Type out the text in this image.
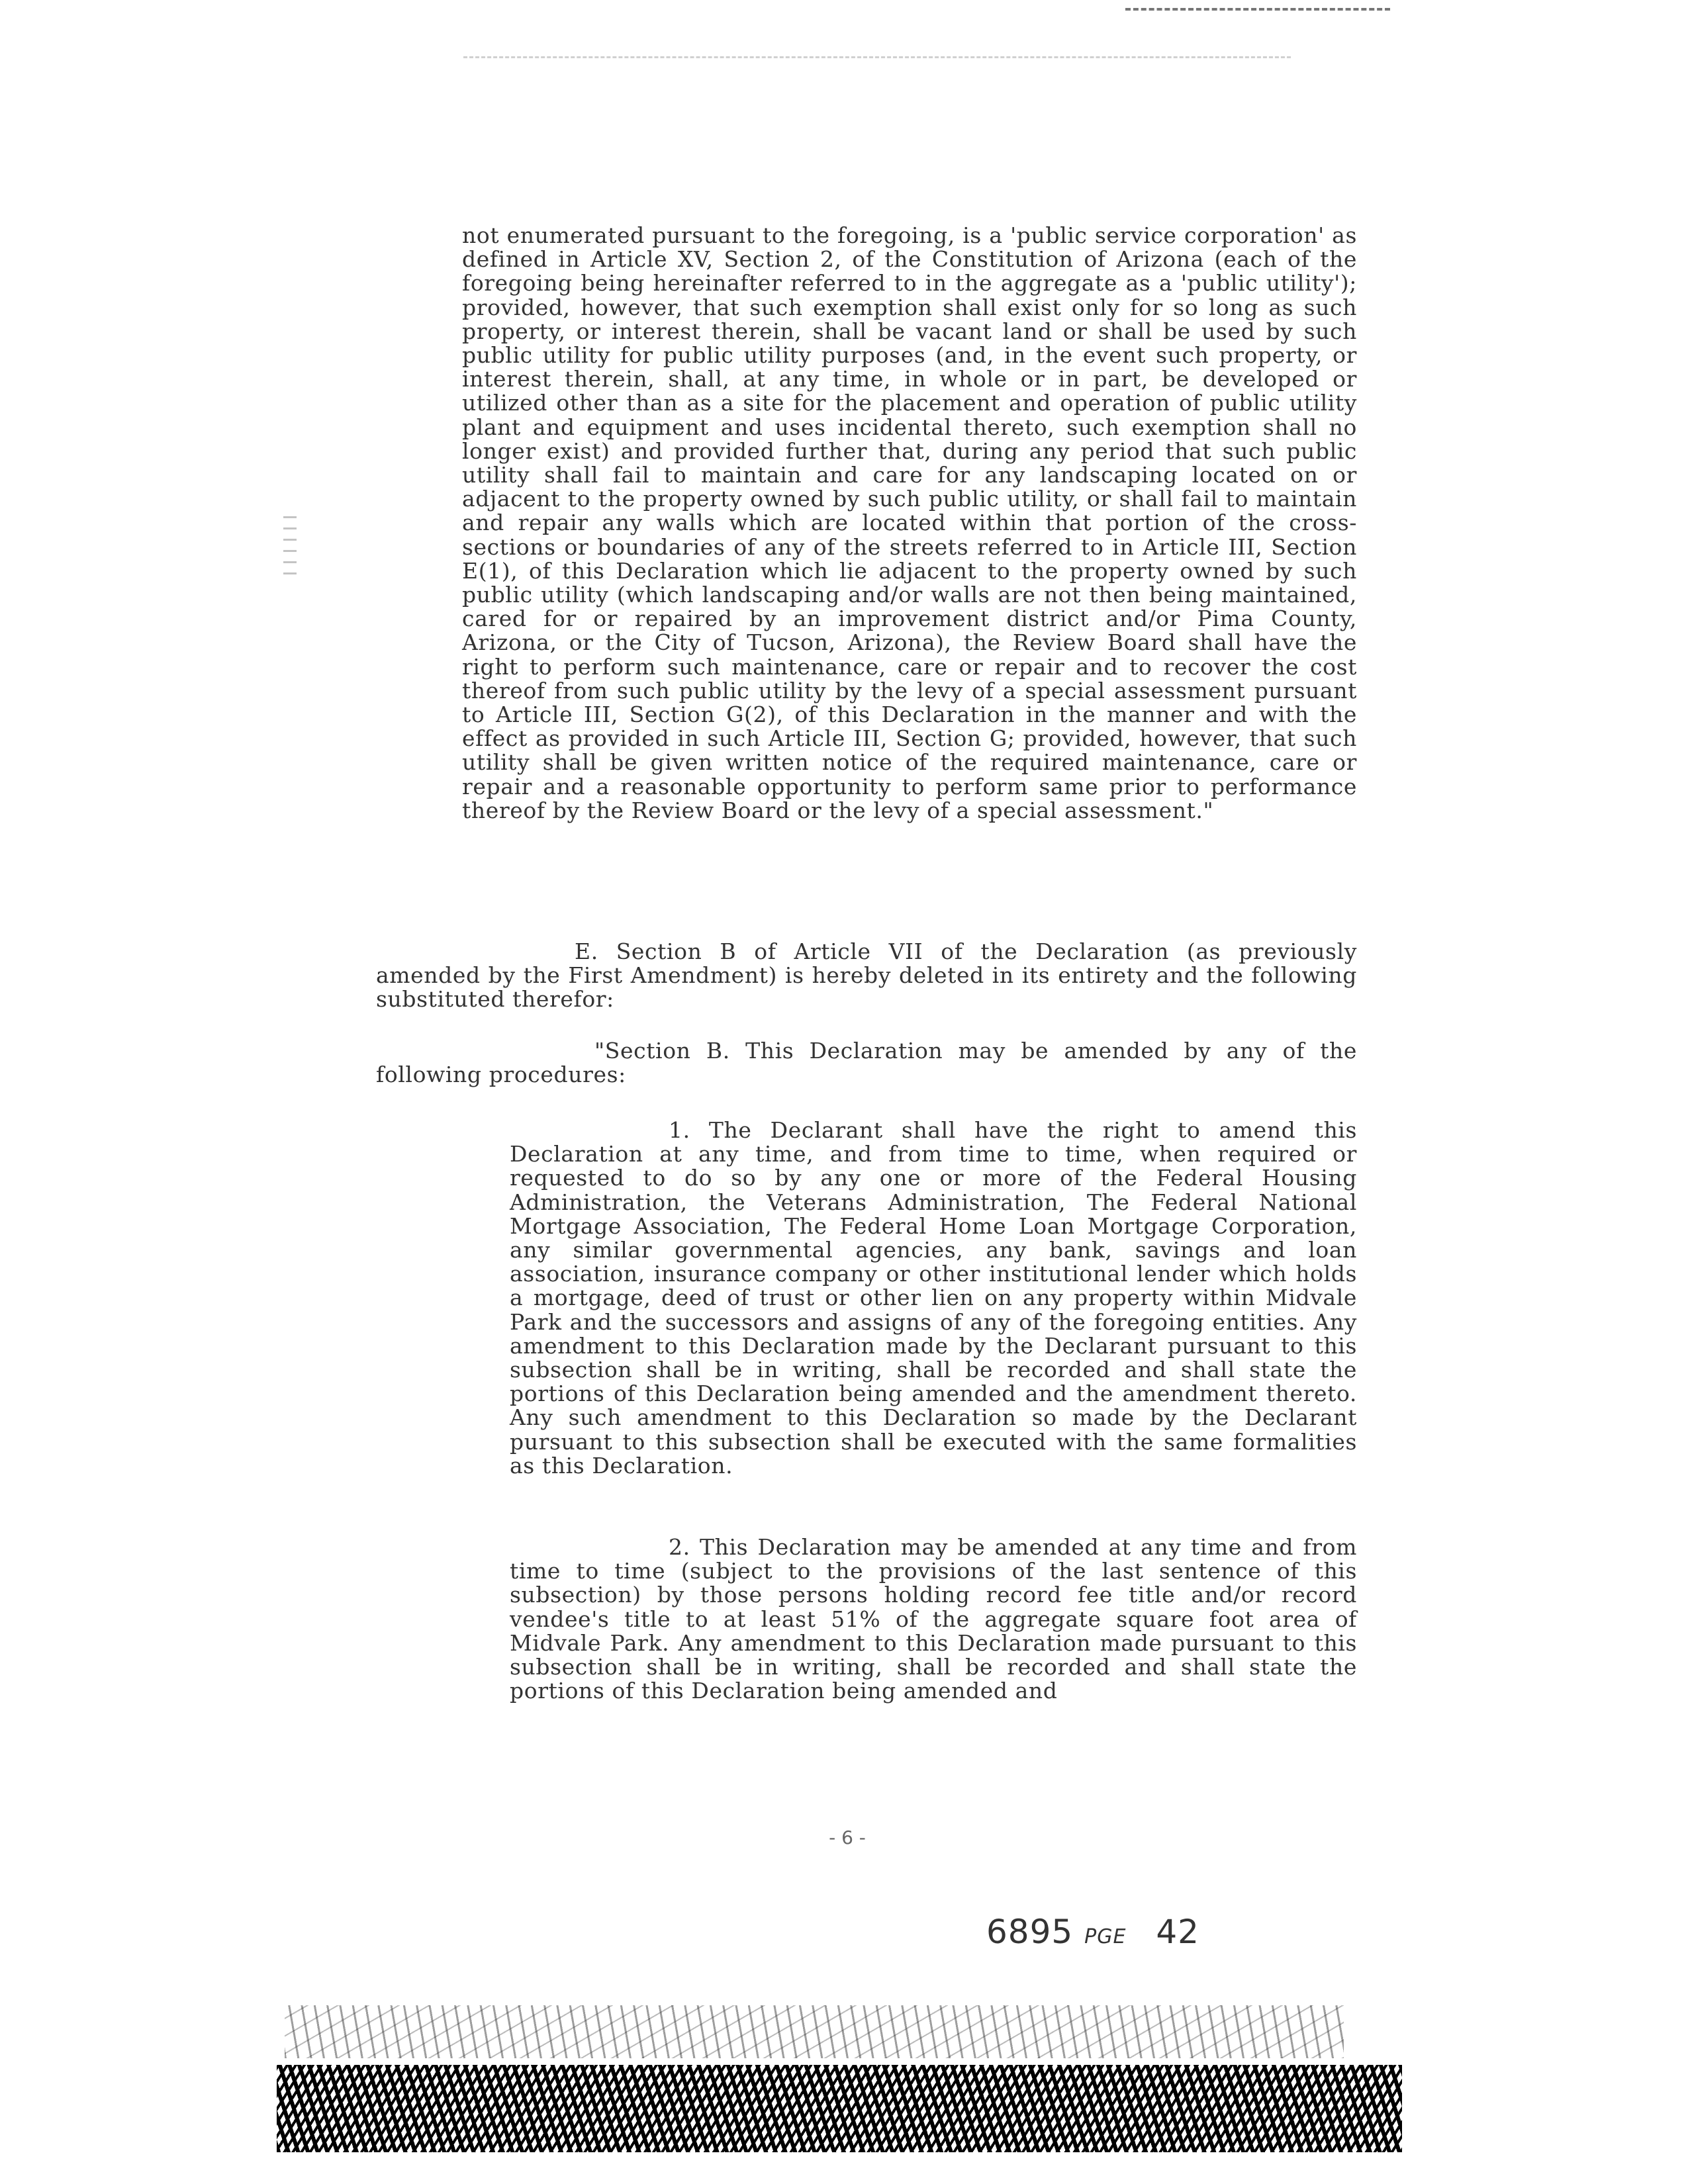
not enumerated pursuant to the foregoing, is a 'public service corporation' as defined in Article XV, Section 2, of the Constitution of Arizona (each of the foregoing being hereinafter referred to in the aggregate as a 'public utility'); provided, however, that such exemption shall exist only for so long as such property, or interest therein, shall be vacant land or shall be used by such public utility for public utility purposes (and, in the event such property, or interest therein, shall, at any time, in whole or in part, be developed or utilized other than as a site for the placement and operation of public utility plant and equipment and uses incidental thereto, such exemption shall no longer exist) and provided further that, during any period that such public utility shall fail to maintain and care for any landscaping located on or adjacent to the property owned by such public utility, or shall fail to maintain and repair any walls which are located within that portion of the cross-sections or boundaries of any of the streets referred to in Article III, Section E(1), of this Declaration which lie adjacent to the property owned by such public utility (which landscaping and/or walls are not then being maintained, cared for or repaired by an improvement district and/or Pima County, Arizona, or the City of Tucson, Arizona), the Review Board shall have the right to perform such maintenance, care or repair and to recover the cost thereof from such public utility by the levy of a special assessment pursuant to Article III, Section G(2), of this Declaration in the manner and with the effect as provided in such Article III, Section G; provided, however, that such utility shall be given written notice of the required maintenance, care or repair and a reasonable opportunity to perform same prior to performance thereof by the Review Board or the levy of a special assessment."

E. Section B of Article VII of the Declaration (as previously amended by the First Amendment) is hereby deleted in its entirety and the following substituted therefor:

"Section B. This Declaration may be amended by any of the following procedures:

1. The Declarant shall have the right to amend this Declaration at any time, and from time to time, when required or requested to do so by any one or more of the Federal Housing Administration, the Veterans Administration, The Federal National Mortgage Association, The Federal Home Loan Mortgage Corporation, any similar governmental agencies, any bank, savings and loan association, insurance company or other institutional lender which holds a mortgage, deed of trust or other lien on any property within Midvale Park and the successors and assigns of any of the foregoing entities. Any amendment to this Declaration made by the Declarant pursuant to this subsection shall be in writing, shall be recorded and shall state the portions of this Declaration being amended and the amendment thereto. Any such amendment to this Declaration so made by the Declarant pursuant to this subsection shall be executed with the same formalities as this Declaration.

2. This Declaration may be amended at any time and from time to time (subject to the provisions of the last sentence of this subsection) by those persons holding record fee title and/or record vendee's title to at least 51% of the aggregate square foot area of Midvale Park. Any amendment to this Declaration made pursuant to this subsection shall be in writing, shall be recorded and shall state the portions of this Declaration being amended and

- 6 -
6895 PGE 42
